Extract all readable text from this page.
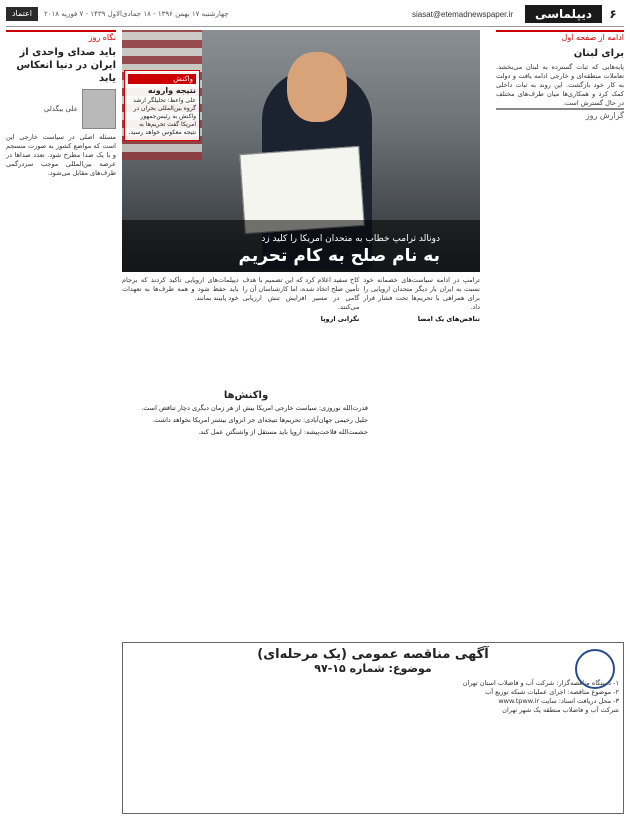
۶
دیپلماسی
siasat@etemadnewspaper.ir
چهارشنبه ۱۷ بهمن ۱۳۹۶ - ۱۸ جمادی‌الاول ۱۴۳۹ - ۷ فوریه ۲۰۱۸
اعتماد
ادامه از صفحه اول
برای لبنان

پایه‌هایی که ثبات گسترده به لبنان می‌بخشد. تعاملات منطقه‌ای و خارجی ادامه یافت و دولت به کار خود بازگشت. این روند به ثبات داخلی کمک کرد و همکاری‌ها میان طرف‌های مختلف در حال گسترش است.

گزارش روز
نگاه روز
باید صدای واحدی از ایران در دنیا انعکاس یابد
علی بیگدلی

مسئله اصلی در سیاست خارجی این است که مواضع کشور به صورت منسجم و با یک صدا مطرح شود. تعدد صداها در عرصه بین‌المللی موجب سردرگمی طرف‌های مقابل می‌شود.

دونالد ترامپ خطاب به متحدان امریکا را کلید زد
به نام صلح به کام تحریم
واکنش
نتیجه وارونه

علی واعظ: تحلیلگر ارشد گروه بین‌المللی بحران در واکنش به رئیس‌جمهور امریکا گفت تحریم‌ها به نتیجه معکوس خواهد رسید.

ترامپ در ادامه سیاست‌های خصمانه خود نسبت به ایران بار دیگر متحدان اروپایی را برای همراهی با تحریم‌ها تحت فشار قرار داد.

تناقض‌های یک امضا

کاخ سفید اعلام کرد که این تصمیم با هدف تأمین صلح اتخاذ شده، اما کارشناسان آن را گامی در مسیر افزایش تنش ارزیابی می‌کنند.

نگرانی اروپا

دیپلمات‌های اروپایی تأکید کردند که برجام باید حفظ شود و همه طرف‌ها به تعهدات خود پایبند بمانند.

واکنش‌ها
قدرت‌الله نوروزی: سیاست خارجی امریکا بیش از هر زمان دیگری دچار تناقض است.
جلیل رحیمی جهان‌آبادی: تحریم‌ها نتیجه‌ای جز انزوای بیشتر امریکا نخواهد داشت.
حشمت‌الله فلاحت‌پیشه: اروپا باید مستقل از واشنگتن عمل کند.
آگهی مناقصه عمومی (یک مرحله‌ای)
موضوع: شماره ۱۵-۹۷
۱- دستگاه مناقصه‌گزار: شرکت آب و فاضلاب استان تهران
۲- موضوع مناقصه: اجرای عملیات شبکه توزیع آب
۳- محل دریافت اسناد: سایت www.tpww.ir
شرکت آب و فاضلاب منطقه یک شهر تهران
